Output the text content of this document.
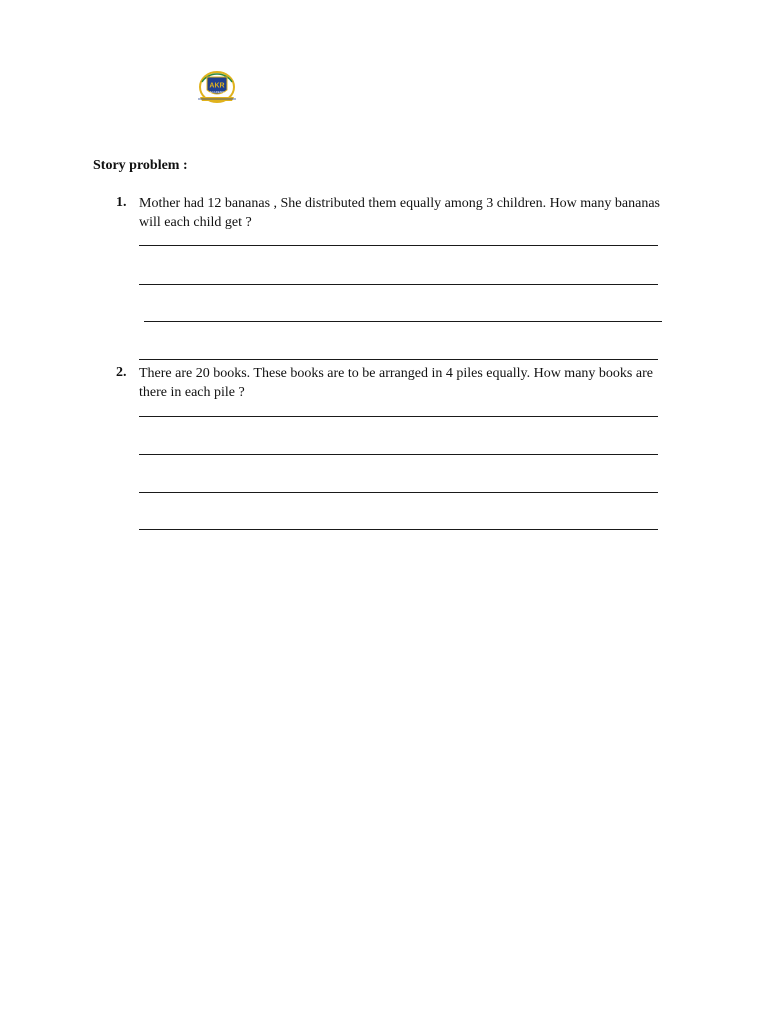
AKR
ACADEMY
Story problem :
1. Mother had 12 bananas , She distributed them equally among 3 children. How many bananas will each child get ?
2. There are 20 books. These books are to be arranged in 4 piles equally. How many books are there in each pile ?
